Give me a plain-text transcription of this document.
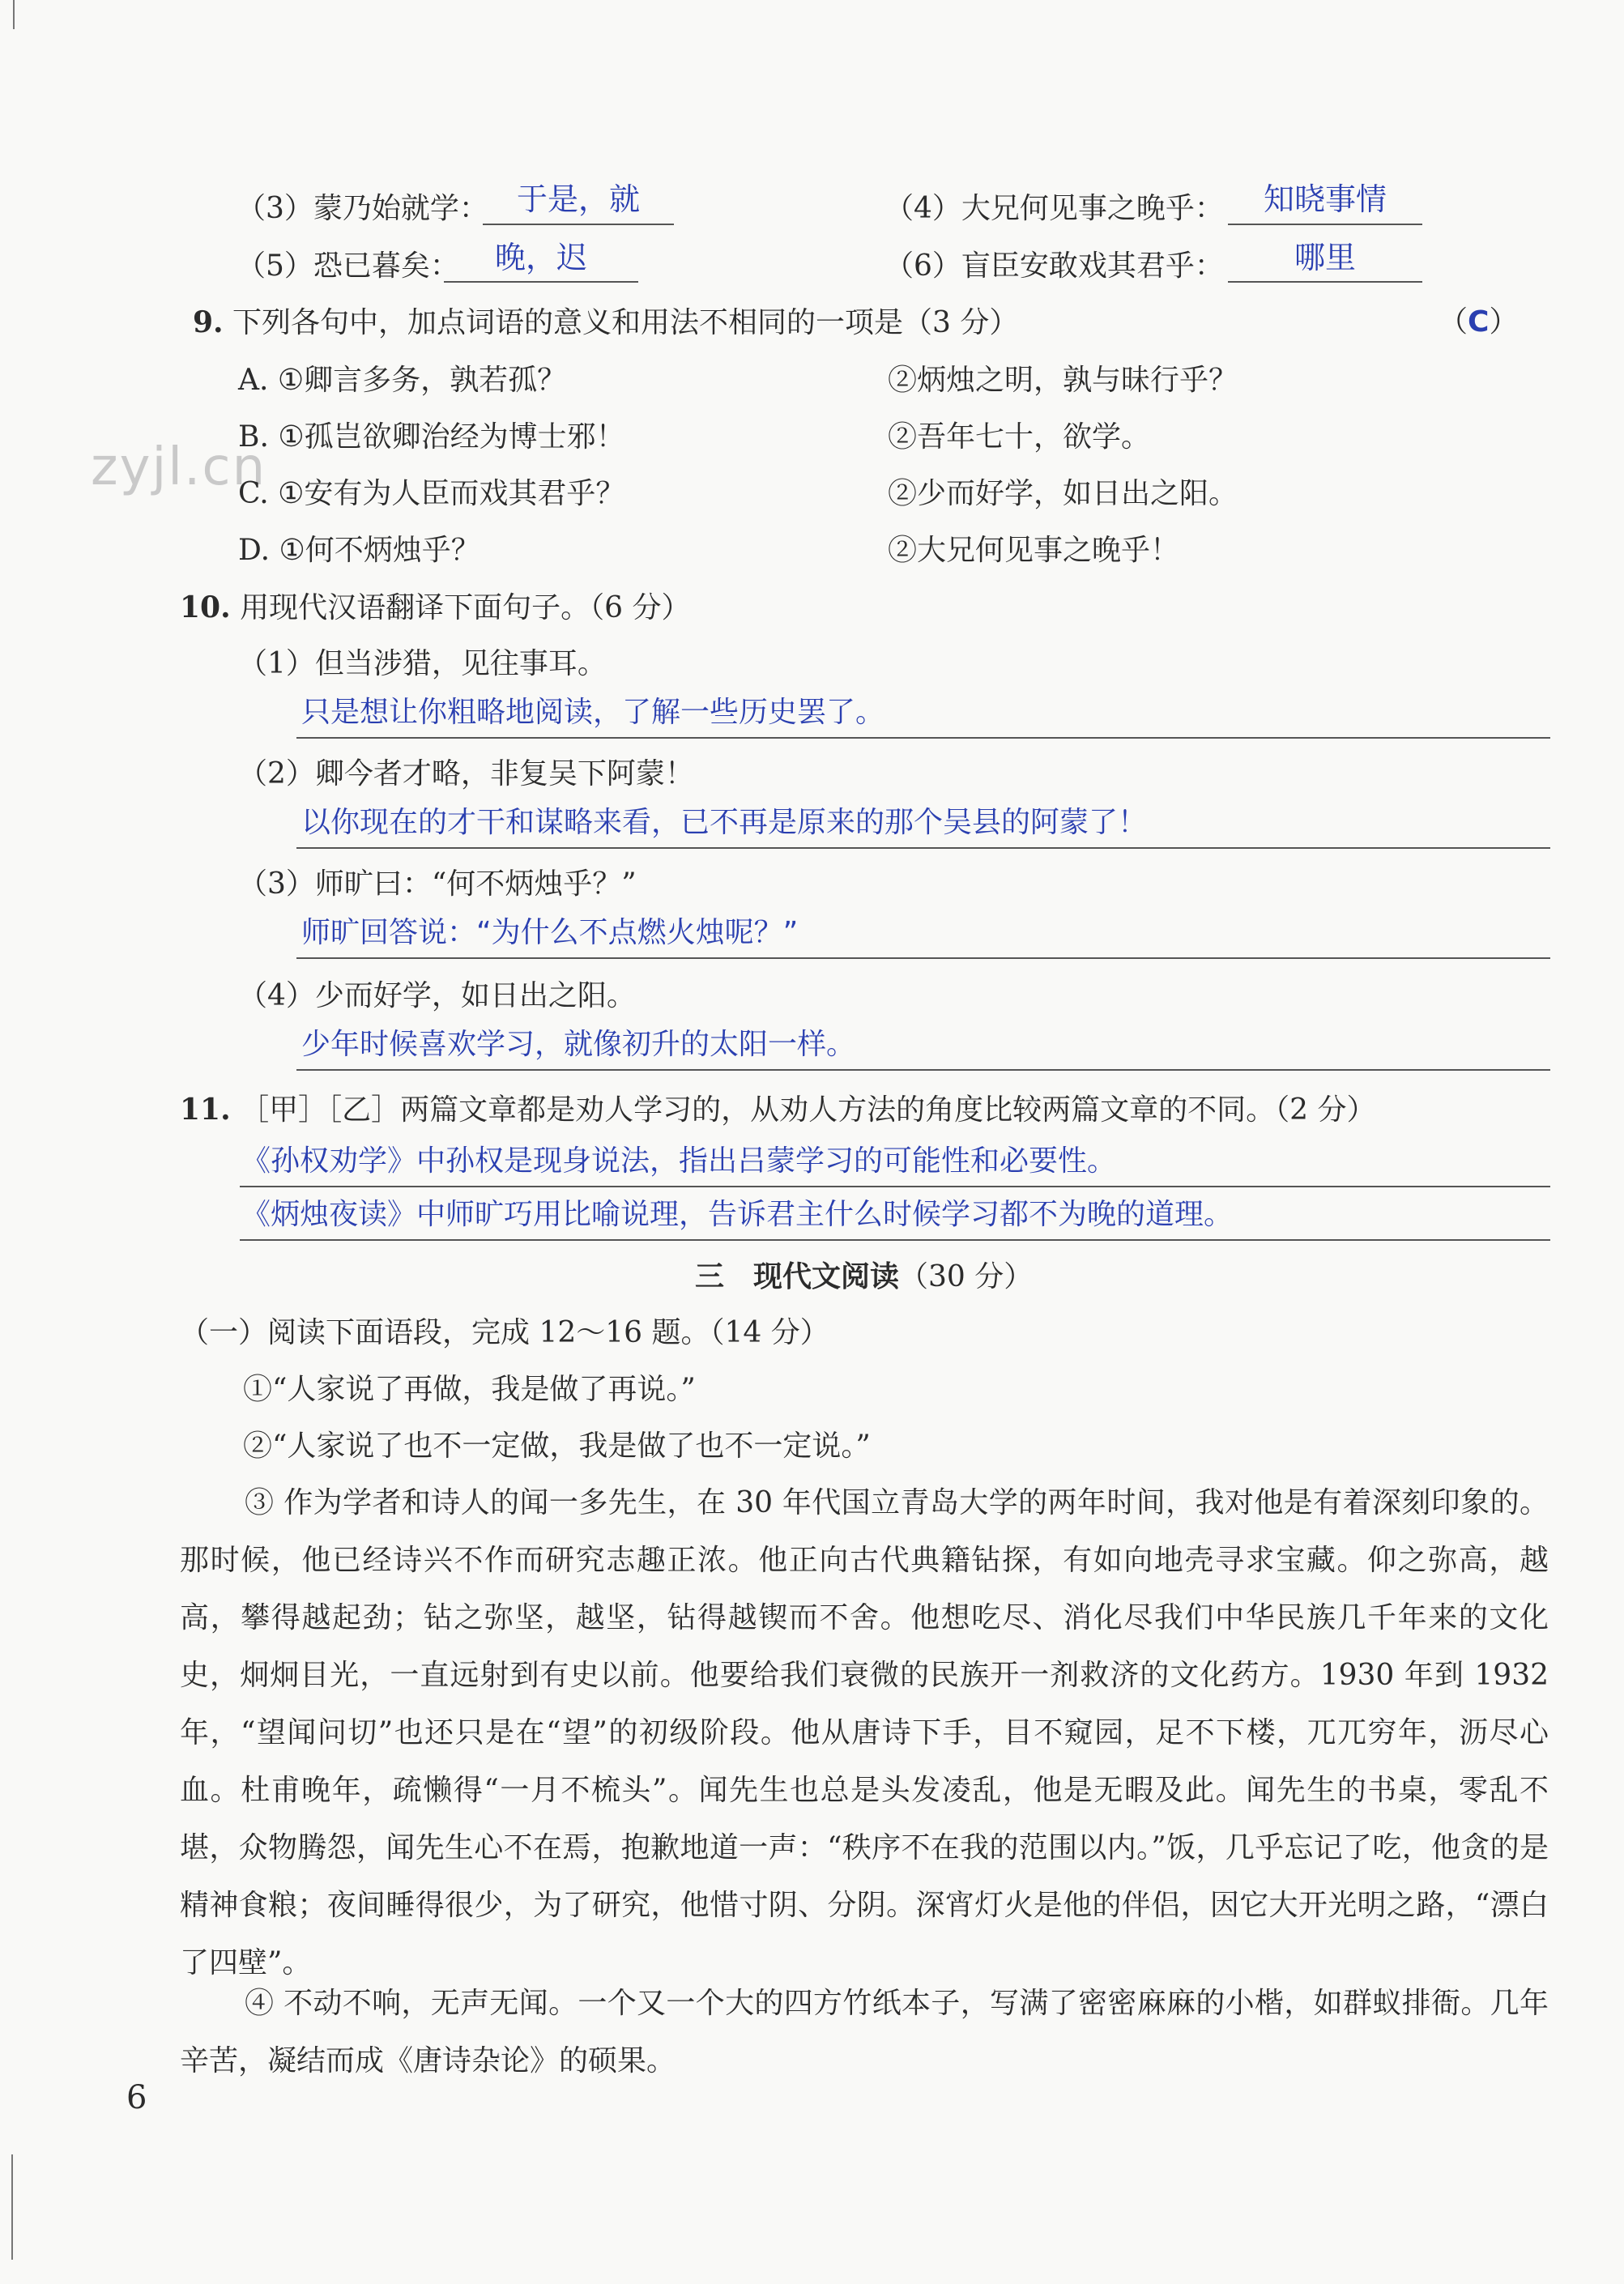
zyjl.cn
（3）蒙乃始就学： 于是，就	（4）大兄何见事之晚乎：	知晓事情
（5）恐已暮矣：	晚，迟	（6）盲臣安敢戏其君乎：	哪里
9. 下列各句中，加点词语的意义和用法不相同的一项是（3 分）	（C）
A. ①卿言多务，孰若孤？	②炳烛之明，孰与昧行乎？
B. ①孤岂欲卿治经为博士邪！	②吾年七十，欲学。
C. ①安有为人臣而戏其君乎？	②少而好学，如日出之阳。
D. ①何不炳烛乎？	②大兄何见事之晚乎！
10. 用现代汉语翻译下面句子。（6 分）
（1）但当涉猎，见往事耳。
只是想让你粗略地阅读，了解一些历史罢了。
（2）卿今者才略，非复吴下阿蒙！
以你现在的才干和谋略来看，已不再是原来的那个吴县的阿蒙了！
（3）师旷曰：“何不炳烛乎？”
师旷回答说：“为什么不点燃火烛呢？”
（4）少而好学，如日出之阳。
少年时候喜欢学习，就像初升的太阳一样。
11. ［甲］［乙］两篇文章都是劝人学习的，从劝人方法的角度比较两篇文章的不同。（2 分）
《孙权劝学》中孙权是现身说法，指出吕蒙学习的可能性和必要性。
《炳烛夜读》中师旷巧用比喻说理，告诉君主什么时候学习都不为晚的道理。
三　现代文阅读（30 分）
（一）阅读下面语段，完成 12～16 题。（14 分）
①“人家说了再做，我是做了再说。”
②“人家说了也不一定做，我是做了也不一定说。”
③ 作为学者和诗人的闻一多先生，在 30 年代国立青岛大学的两年时间，我对他是有着深刻印象的。那时候，他已经诗兴不作而研究志趣正浓。他正向古代典籍钻探，有如向地壳寻求宝藏。仰之弥高，越高，攀得越起劲；钻之弥坚，越坚，钻得越锲而不舍。他想吃尽、消化尽我们中华民族几千年来的文化史，炯炯目光，一直远射到有史以前。他要给我们衰微的民族开一剂救济的文化药方。1930 年到 1932 年，“望闻问切”也还只是在“望”的初级阶段。他从唐诗下手，目不窥园，足不下楼，兀兀穷年，沥尽心血。杜甫晚年，疏懒得“一月不梳头”。闻先生也总是头发凌乱，他是无暇及此。闻先生的书桌，零乱不堪，众物腾怨，闻先生心不在焉，抱歉地道一声：“秩序不在我的范围以内。”饭，几乎忘记了吃，他贪的是精神食粮；夜间睡得很少，为了研究，他惜寸阴、分阴。深宵灯火是他的伴侣，因它大开光明之路，“漂白了四壁”。
④ 不动不响，无声无闻。一个又一个大的四方竹纸本子，写满了密密麻麻的小楷，如群蚁排衙。几年辛苦，凝结而成《唐诗杂论》的硕果。
6
